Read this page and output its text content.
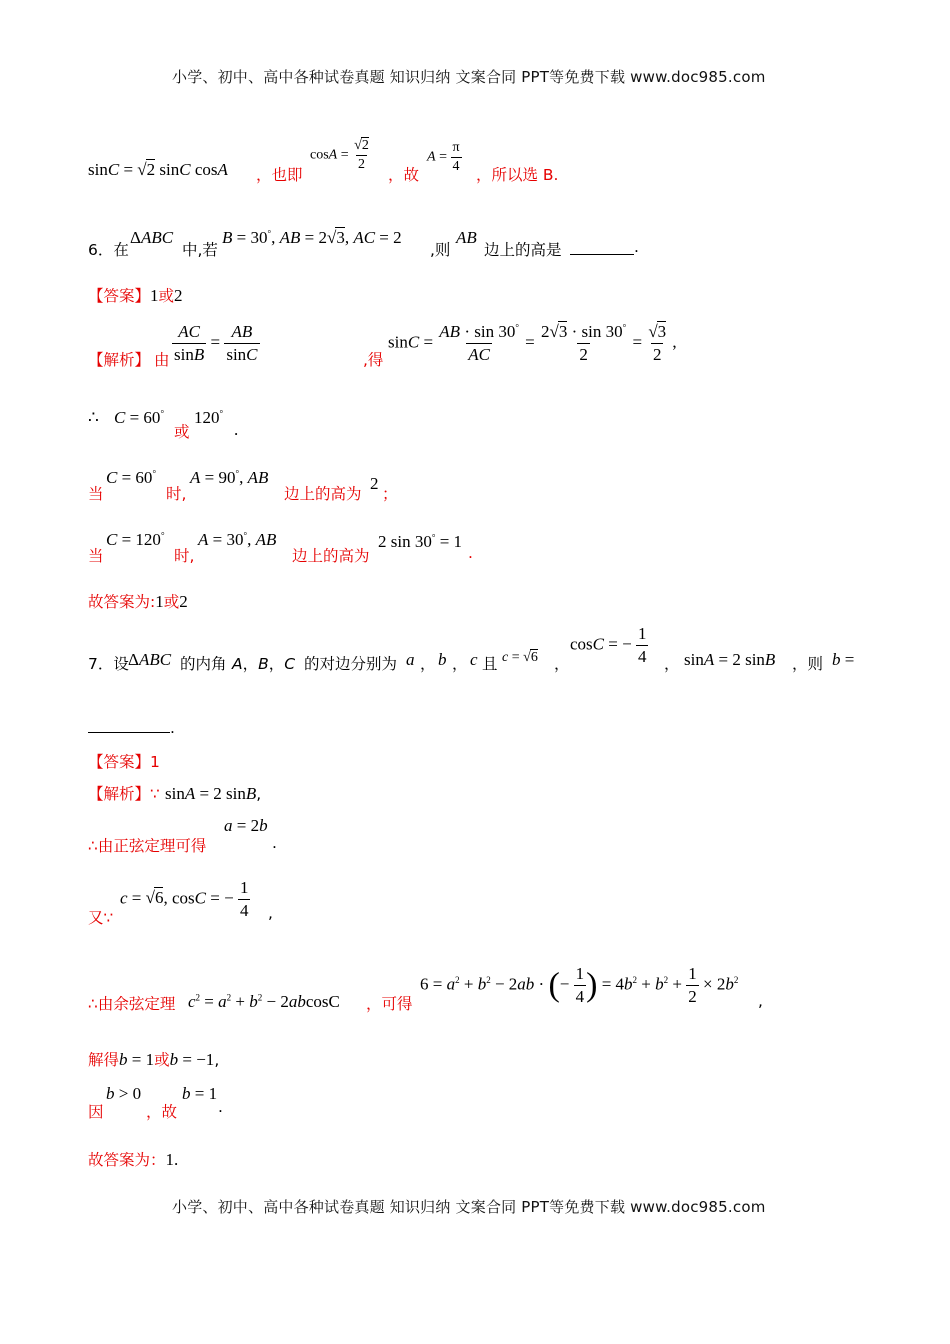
小学、初中、高中各种试卷真题 知识归纳 文案合同 PPT等免费下载 www.doc985.com
sinC = √2 sinC cosA ，也即
$\cos A = \frac{√2}{2}$
，故
$A = \frac{\pi}{4}$ ，所以选 B.
6．在
ΔABC
中,若
B = 30°, AB = 2√3, AC = 2
,则
AB
边上的高是	.
【答案】1或2
【解析】 由 $\frac{AC}{\sin B} = \frac{AB}{\sin C}$	,得
$\sin C = \frac{AB \cdot \sin 30^\circ}{AC} = \frac{2√3 \cdot \sin 30^\circ}{2} = \frac{√3}{2}$ ,
∴ C = 60°
或
120°
.
当
C = 60°
时,
A = 90°, AB
边上的高为
2
；
当
C = 120°
时,
A = 30°, AB
边上的高为
2 sin 30° = 1
.
故答案为:1或2
7．设 ΔABC 的内角 A，B，C 的对边分别为 a ， b ， c 且 c = √6 ，
cosC = − $\frac{1}{4}$ ， sinA = 2 sinB ，则 b =
.
【答案】1
【解析】∵ sinA = 2 sinB,
∴由正弦定理可得
a = 2b
.
又∵
c = √6, cosC = − $\frac{1}{4}$ ,
∴由余弦定理 $c^2 = a^2 + b^2 - 2abcosC$ ，可得
$6 = a^2 + b^2 - 2ab$ · (− $\frac{1}{4}$ ) = $4b^2 + b^2 + \frac{1}{2} \times 2b^2$
,
解得b = 1或b = −1,
因
b > 0
，故
b = 1
.
故答案为：1.
小学、初中、高中各种试卷真题 知识归纳 文案合同 PPT等免费下载 www.doc985.com
